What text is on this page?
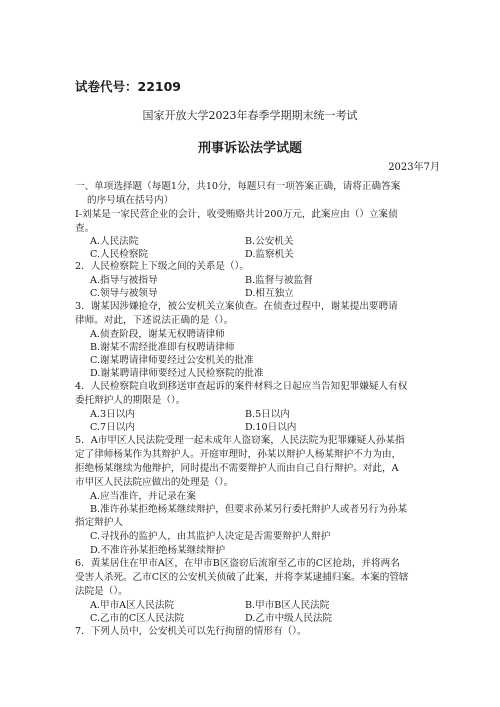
试卷代号：22109
国家开放大学2023年春季学期期末统一考试
刑事诉讼法学试题
2023年7月
一、单项选择题（每题1分，共10分，每题只有一项答案正确，请将正确答案
的序号填在括号内）
I-刘某是一家民营企业的会计，收受贿赂共计200万元，此案应由（）立案侦
查。
A.人民法院	B.公安机关
C.人民检察院	D.监察机关
2．人民检察院上下级之间的关系是（）。
A.指导与被指导	B.监督与被监督
C.领导与被领导	D.相互独立
3．谢某因涉嫌抢夺，被公安机关立案侦查。在侦查过程中，谢某提出要聘请
律师。对此，下述说法正确的是（）。
A.侦查阶段，谢某无权聘请律师
B.谢某不需经批准即有权聘请律师
C.谢某聘请律师要经过公安机关的批准
D.谢某聘请律师要经过人民检察院的批准
4．人民检察院自收到移送审查起诉的案件材料之日起应当告知犯罪嫌疑人有权
委托辩护人的期限是（）。
A.3日以内	B.5日以内
C.7日以内	D.10日以内
5．A市甲区人民法院受理一起未成年人盗窃案，人民法院为犯罪嫌疑人孙某指
定了律师杨某作为其辩护人。开庭审理时，孙某以辩护人杨某辩护不力为由，
拒绝杨某继续为他辩护，同时提出不需要辩护人而由自己自行辩护。对此，A
市甲区人民法院应做出的处理是（）。
A.应当准许，并记录在案
B.准许孙某拒绝杨某继续辩护，但要求孙某另行委托辩护人或者另行为孙某
指定辩护人
C.寻找孙的监护人，由其监护人决定是否需要辩护人辩护
D.不准许孙某拒绝杨某继续辩护
6．黄某居住在甲市A区，在甲市B区盗窃后流窜至乙市的C区抢劫，并将两名
受害人杀死。乙市C区的公安机关侦破了此案，并将李某逮捕归案。本案的管辖
法院是（）。
A.甲市A区人民法院	B.甲市B区人民法院
C.乙市的C区人民法院	D.乙市中级人民法院
7．下列人员中，公安机关可以先行拘留的情形有（）。
